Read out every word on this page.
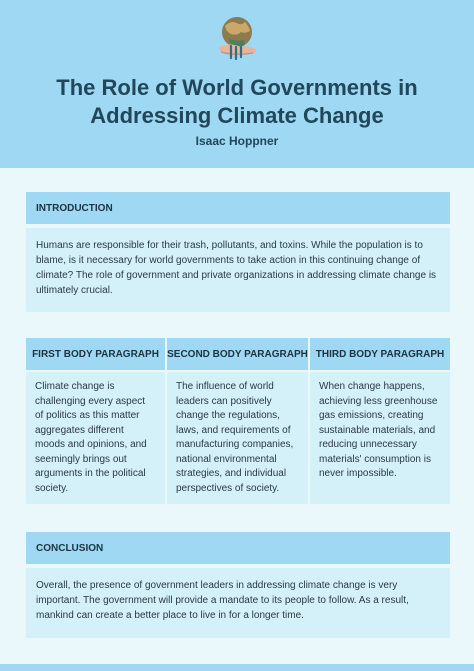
The Role of World Governments in
Addressing Climate Change
Isaac Hoppner
INTRODUCTION
Humans are responsible for their trash, pollutants, and toxins. While the population is to blame, is it necessary for world governments to take action in this continuing change of climate? The role of government and private organizations in addressing climate change is ultimately crucial.
FIRST BODY PARAGRAPH SECOND BODY PARAGRAPH THIRD BODY PARAGRAPH
Climate change is challenging every aspect of politics as this matter aggregates different moods and opinions, and seemingly brings out arguments in the political society.
The influence of world leaders can positively change the regulations, laws, and requirements of manufacturing companies, national environmental strategies, and individual perspectives of society.
When change happens, achieving less greenhouse gas emissions, creating sustainable materials, and reducing unnecessary materials' consumption is never impossible.
CONCLUSION
Overall, the presence of government leaders in addressing climate change is very important. The government will provide a mandate to its people to follow. As a result, mankind can create a better place to live in for a longer time.
